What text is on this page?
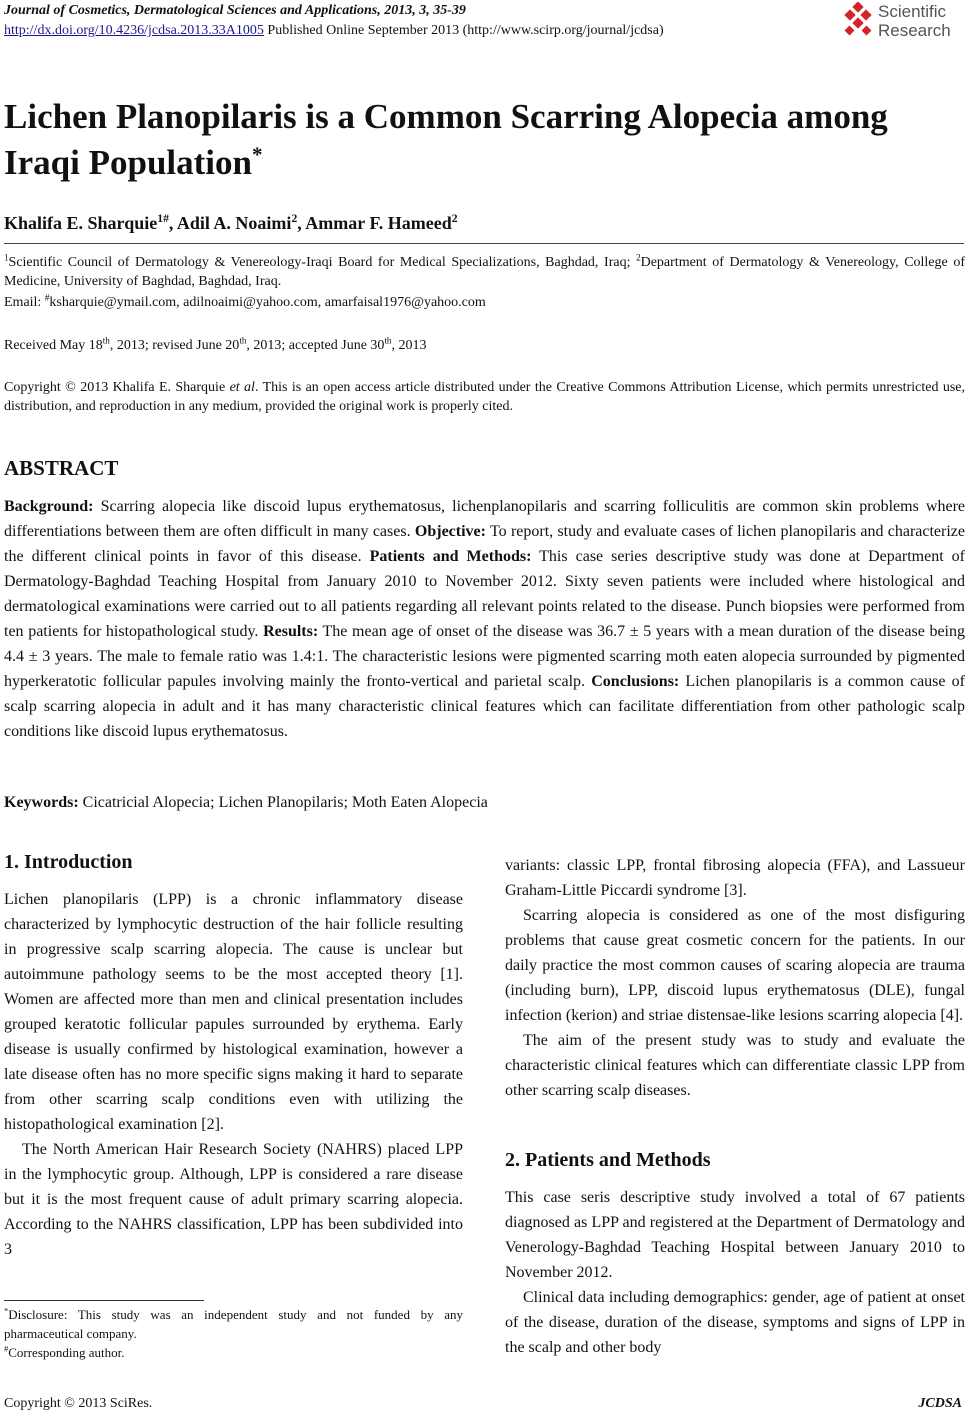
Journal of Cosmetics, Dermatological Sciences and Applications, 2013, 3, 35-39
http://dx.doi.org/10.4236/jcdsa.2013.33A1005 Published Online September 2013 (http://www.scirp.org/journal/jcdsa)
Scientific
Research
Lichen Planopilaris is a Common Scarring Alopecia among Iraqi Population*
Khalifa E. Sharquie$^{1\#}$, Adil A. Noaimi$^2$, Ammar F. Hameed$^2$
$^1$Scientific Council of Dermatology & Venereology-Iraqi Board for Medical Specializations, Baghdad, Iraq; $^2$Department of Dermatology & Venereology, College of Medicine, University of Baghdad, Baghdad, Iraq.
Email: #ksharquie@ymail.com, adilnoaimi@yahoo.com, amarfaisal1976@yahoo.com
Received May 18th, 2013; revised June 20th, 2013; accepted June 30th, 2013
Copyright © 2013 Khalifa E. Sharquie et al. This is an open access article distributed under the Creative Commons Attribution License, which permits unrestricted use, distribution, and reproduction in any medium, provided the original work is properly cited.
ABSTRACT
Background: Scarring alopecia like discoid lupus erythematosus, lichenplanopilaris and scarring folliculitis are common skin problems where differentiations between them are often difficult in many cases. Objective: To report, study and evaluate cases of lichen planopilaris and characterize the different clinical points in favor of this disease. Patients and Methods: This case series descriptive study was done at Department of Dermatology-Baghdad Teaching Hospital from January 2010 to November 2012. Sixty seven patients were included where histological and dermatological examinations were carried out to all patients regarding all relevant points related to the disease. Punch biopsies were performed from ten patients for histopathological study. Results: The mean age of onset of the disease was 36.7 ± 5 years with a mean duration of the disease being 4.4 ± 3 years. The male to female ratio was 1.4:1. The characteristic lesions were pigmented scarring moth eaten alopecia surrounded by pigmented hyperkeratotic follicular papules involving mainly the fronto-vertical and parietal scalp. Conclusions: Lichen planopilaris is a common cause of scalp scarring alopecia in adult and it has many characteristic clinical features which can facilitate differentiation from other pathologic scalp conditions like discoid lupus erythematosus.
Keywords: Cicatricial Alopecia; Lichen Planopilaris; Moth Eaten Alopecia
1. Introduction

Lichen planopilaris (LPP) is a chronic inflammatory disease characterized by lymphocytic destruction of the hair follicle resulting in progressive scalp scarring alopecia. The cause is unclear but autoimmune pathology seems to be the most accepted theory [1]. Women are affected more than men and clinical presentation includes grouped keratotic follicular papules surrounded by erythema. Early disease is usually confirmed by histological examination, however a late disease often has no more specific signs making it hard to separate from other scarring scalp conditions even with utilizing the histopathological examination [2].

The North American Hair Research Society (NAHRS) placed LPP in the lymphocytic group. Although, LPP is considered a rare disease but it is the most frequent cause of adult primary scarring alopecia. According to the NAHRS classification, LPP has been subdivided into 3

*Disclosure: This study was an independent study and not funded by any pharmaceutical company.

#Corresponding author.

variants: classic LPP, frontal fibrosing alopecia (FFA), and Lassueur Graham-Little Piccardi syndrome [3].

Scarring alopecia is considered as one of the most disfiguring problems that cause great cosmetic concern for the patients. In our daily practice the most common causes of scaring alopecia are trauma (including burn), LPP, discoid lupus erythematosus (DLE), fungal infection (kerion) and striae distensae-like lesions scarring alopecia [4].

The aim of the present study was to study and evaluate the characteristic clinical features which can differentiate classic LPP from other scarring scalp diseases.

2. Patients and Methods

This case seris descriptive study involved a total of 67 patients diagnosed as LPP and registered at the Department of Dermatology and Venerology-Baghdad Teaching Hospital between January 2010 to November 2012.

Clinical data including demographics: gender, age of patient at onset of the disease, duration of the disease, symptoms and signs of LPP in the scalp and other body

Copyright © 2013 SciRes.	JCDSA
